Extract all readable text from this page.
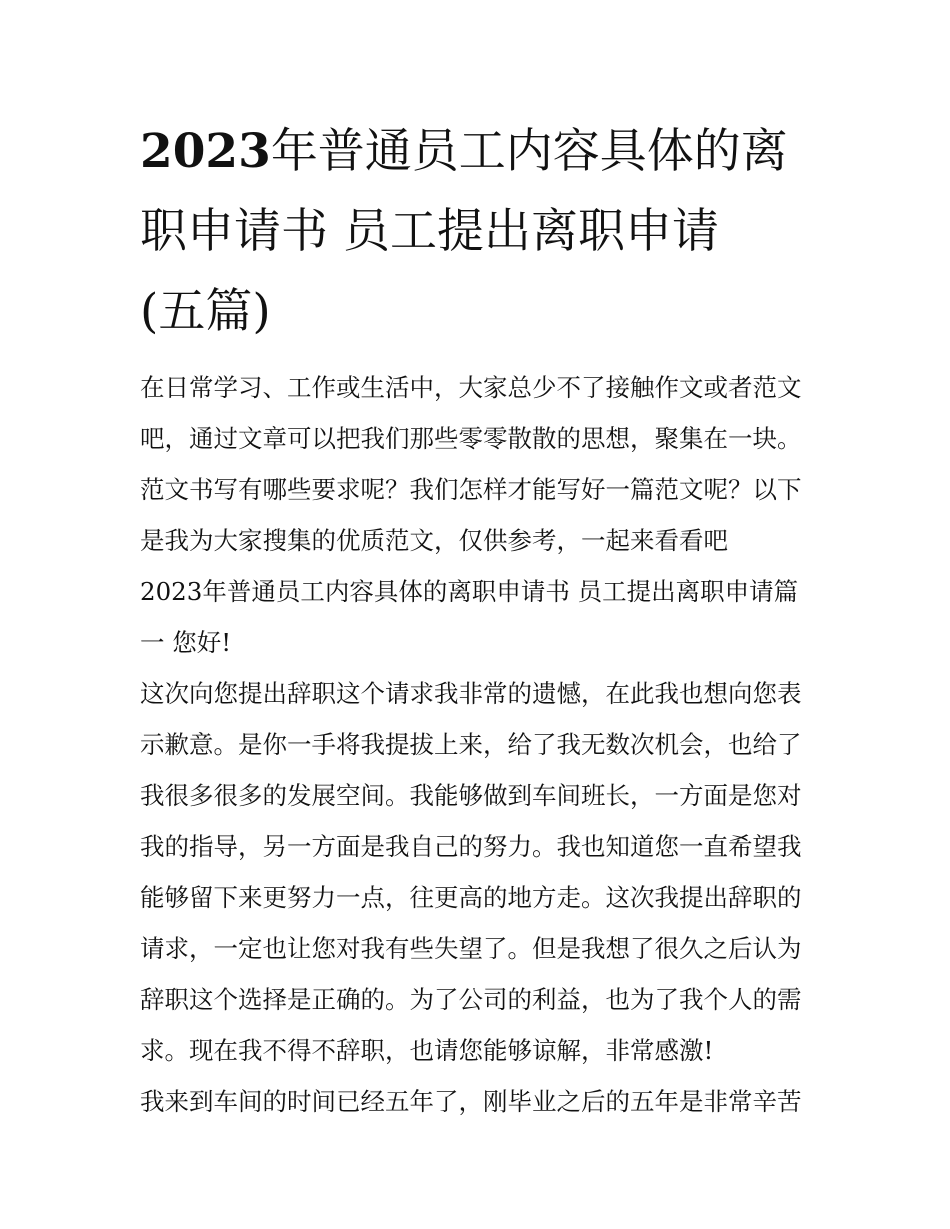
2023年普通员工内容具体的离
职申请书 员工提出离职申请
(五篇)

在日常学习、工作或生活中，大家总少不了接触作文或者范文吧，通过文章可以把我们那些零零散散的思想，聚集在一块。范文书写有哪些要求呢？我们怎样才能写好一篇范文呢？以下是我为大家搜集的优质范文，仅供参考，一起来看看吧

2023年普通员工内容具体的离职申请书 员工提出离职申请篇一 您好!

这次向您提出辞职这个请求我非常的遗憾，在此我也想向您表示歉意。是你一手将我提拔上来，给了我无数次机会，也给了我很多很多的发展空间。我能够做到车间班长，一方面是您对我的指导，另一方面是我自己的努力。我也知道您一直希望我能够留下来更努力一点，往更高的地方走。这次我提出辞职的请求，一定也让您对我有些失望了。但是我想了很久之后认为辞职这个选择是正确的。为了公司的利益，也为了我个人的需求。现在我不得不辞职，也请您能够谅解，非常感激!

我来到车间的时间已经五年了，刚毕业之后的五年是非常辛苦
